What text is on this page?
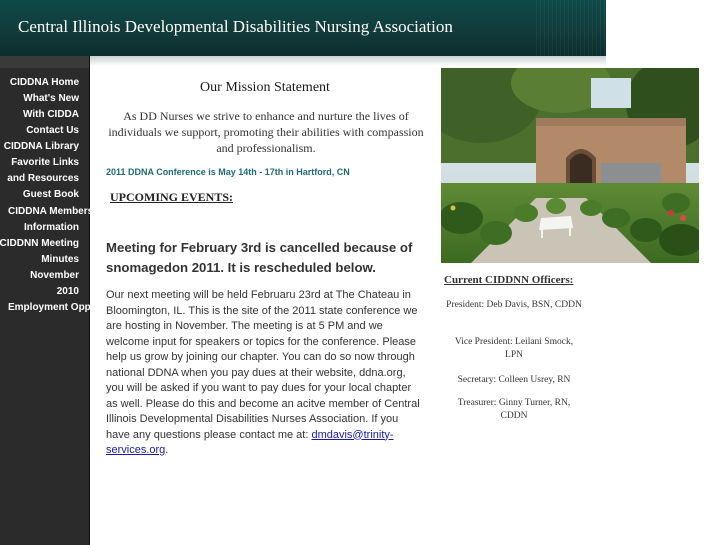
Central Illinois Developmental Disabilities Nursing Association
CIDDNA Home
What's New
With CIDDA
Contact Us
CIDDNA Library
Favorite Links
and Resources
Guest Book
CIDDNA Membership
Information
CIDDNN Meeting
Minutes
November
2010
Employment Opportunities
Our Mission Statement
As DD Nurses we strive to enhance and nurture the lives of individuals we support, promoting their abilities with compassion and professionalism.
2011 DDNA Conference is May 14th - 17th in Hartford, CN
UPCOMING EVENTS:
Meeting for February 3rd is cancelled because of snomagedon 2011. It is rescheduled below.
Our next meeting will be held Februaru 23rd at The Chateau in Bloomington, IL. This is the site of the 2011 state conference we are hosting in November. The meeting is at 5 PM and we welcome input for speakers or topics for the conference. Please help us grow by joining our chapter. You can do so now through national DDNA when you pay dues at their website, ddna.org, you will be asked if you want to pay dues for your local chapter as well. Please do this and become an acitve member of Central Illinois Developmental Disabilities Nurses Association. If you have any questions please contact me at: dmdavis@trinity-services.org.
Current CIDDNN Officers:
President: Deb Davis, BSN, CDDN
Vice President: Leilani Smock, LPN
Secretary: Colleen Usrey, RN
Treasurer: Ginny Turner, RN, CDDN
